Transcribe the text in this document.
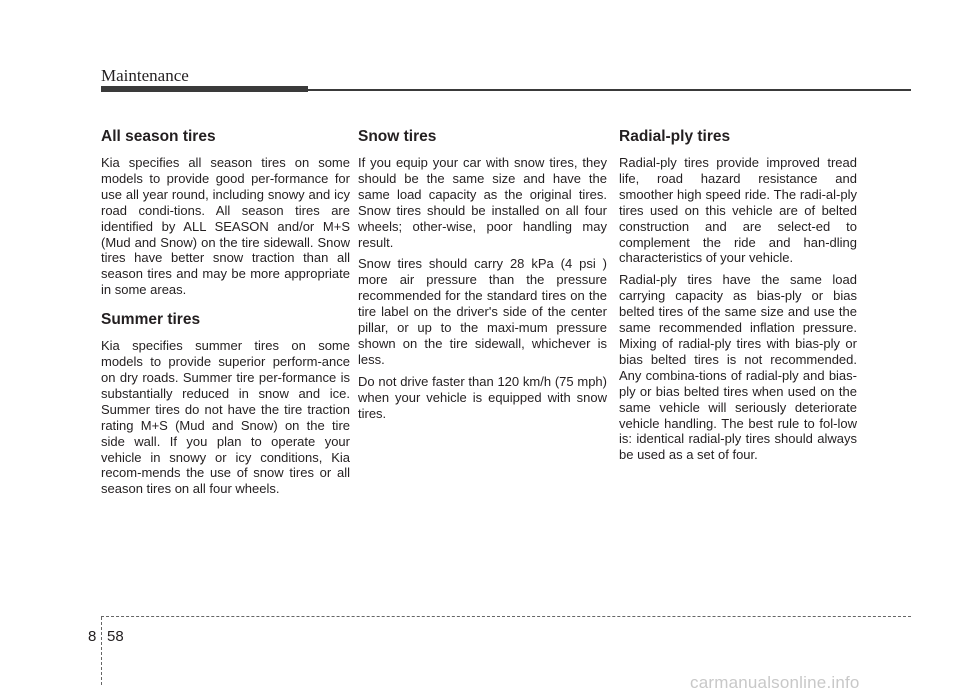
Maintenance
All season tires

Kia specifies all season tires on some models to provide good per-formance for use all year round, including snowy and icy road condi-tions. All season tires are identified by ALL SEASON and/or M+S (Mud and Snow) on the tire sidewall. Snow tires have better snow traction than all season tires and may be more appropriate in some areas.

Summer tires

Kia specifies summer tires on some models to provide superior perform-ance on dry roads. Summer tire per-formance is substantially reduced in snow and ice. Summer tires do not have the tire traction rating M+S (Mud and Snow) on the tire side wall. If you plan to operate your vehicle in snowy or icy conditions, Kia recom-mends the use of snow tires or all season tires on all four wheels.

Snow tires

If you equip your car with snow tires, they should be the same size and have the same load capacity as the original tires. Snow tires should be installed on all four wheels; other-wise, poor handling may result.

Snow tires should carry 28 kPa (4 psi ) more air pressure than the pressure recommended for the standard tires on the tire label on the driver's side of the center pillar, or up to the maxi-mum pressure shown on the tire sidewall, whichever is less.

Do not drive faster than 120 km/h (75 mph) when your vehicle is equipped with snow tires.

Radial-ply tires

Radial-ply tires provide improved tread life, road hazard resistance and smoother high speed ride. The radi-al-ply tires used on this vehicle are of belted construction and are select-ed to complement the ride and han-dling characteristics of your vehicle.

Radial-ply tires have the same load carrying capacity as bias-ply or bias belted tires of the same size and use the same recommended inflation pressure. Mixing of radial-ply tires with bias-ply or bias belted tires is not recommended. Any combina-tions of radial-ply and bias-ply or bias belted tires when used on the same vehicle will seriously deteriorate vehicle handling. The best rule to fol-low is: identical radial-ply tires should always be used as a set of four.

8 58
carmanualsonline.info
